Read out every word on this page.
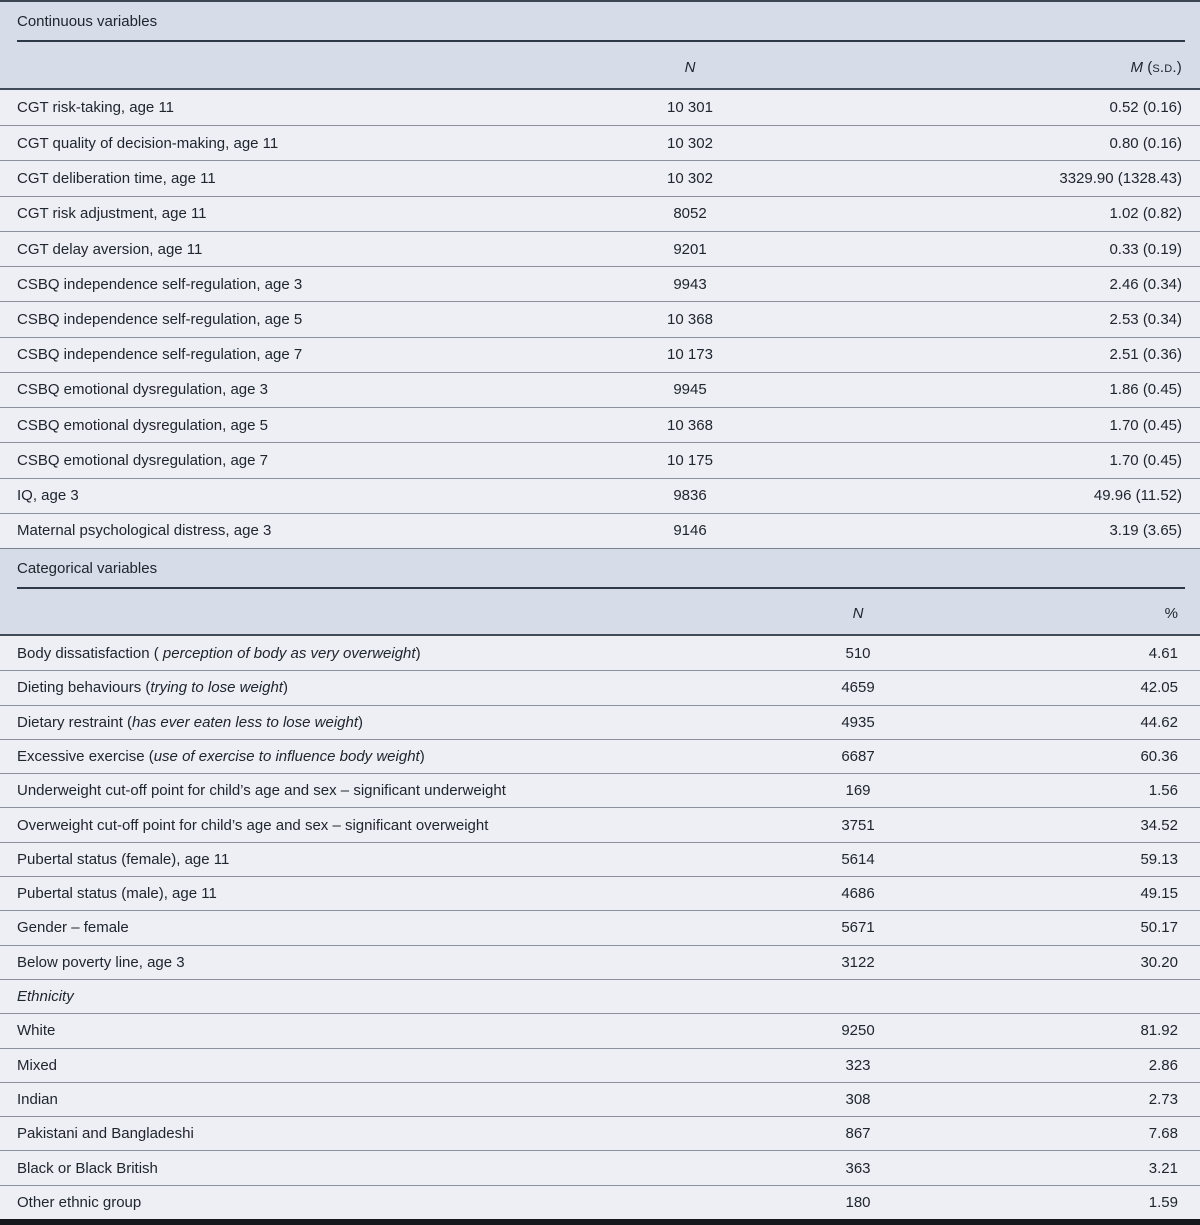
Continuous variables
N	M (s.d.)
CGT risk-taking, age 11	10 301	0.52 (0.16)
CGT quality of decision-making, age 11	10 302	0.80 (0.16)
CGT deliberation time, age 11	10 302	3329.90 (1328.43)
CGT risk adjustment, age 11	8052	1.02 (0.82)
CGT delay aversion, age 11	9201	0.33 (0.19)
CSBQ independence self-regulation, age 3	9943	2.46 (0.34)
CSBQ independence self-regulation, age 5	10 368	2.53 (0.34)
CSBQ independence self-regulation, age 7	10 173	2.51 (0.36)
CSBQ emotional dysregulation, age 3	9945	1.86 (0.45)
CSBQ emotional dysregulation, age 5	10 368	1.70 (0.45)
CSBQ emotional dysregulation, age 7	10 175	1.70 (0.45)
IQ, age 3	9836	49.96 (11.52)
Maternal psychological distress, age 3	9146	3.19 (3.65)
Categorical variables
N	%
Body dissatisfaction ( perception of body as very overweight)	510	4.61
Dieting behaviours (trying to lose weight)	4659	42.05
Dietary restraint (has ever eaten less to lose weight)	4935	44.62
Excessive exercise (use of exercise to influence body weight)	6687	60.36
Underweight cut-off point for child’s age and sex – significant underweight	169	1.56
Overweight cut-off point for child’s age and sex – significant overweight	3751	34.52
Pubertal status (female), age 11	5614	59.13
Pubertal status (male), age 11	4686	49.15
Gender – female	5671	50.17
Below poverty line, age 3	3122	30.20
Ethnicity
White	9250	81.92
Mixed	323	2.86
Indian	308	2.73
Pakistani and Bangladeshi	867	7.68
Black or Black British	363	3.21
Other ethnic group	180	1.59
